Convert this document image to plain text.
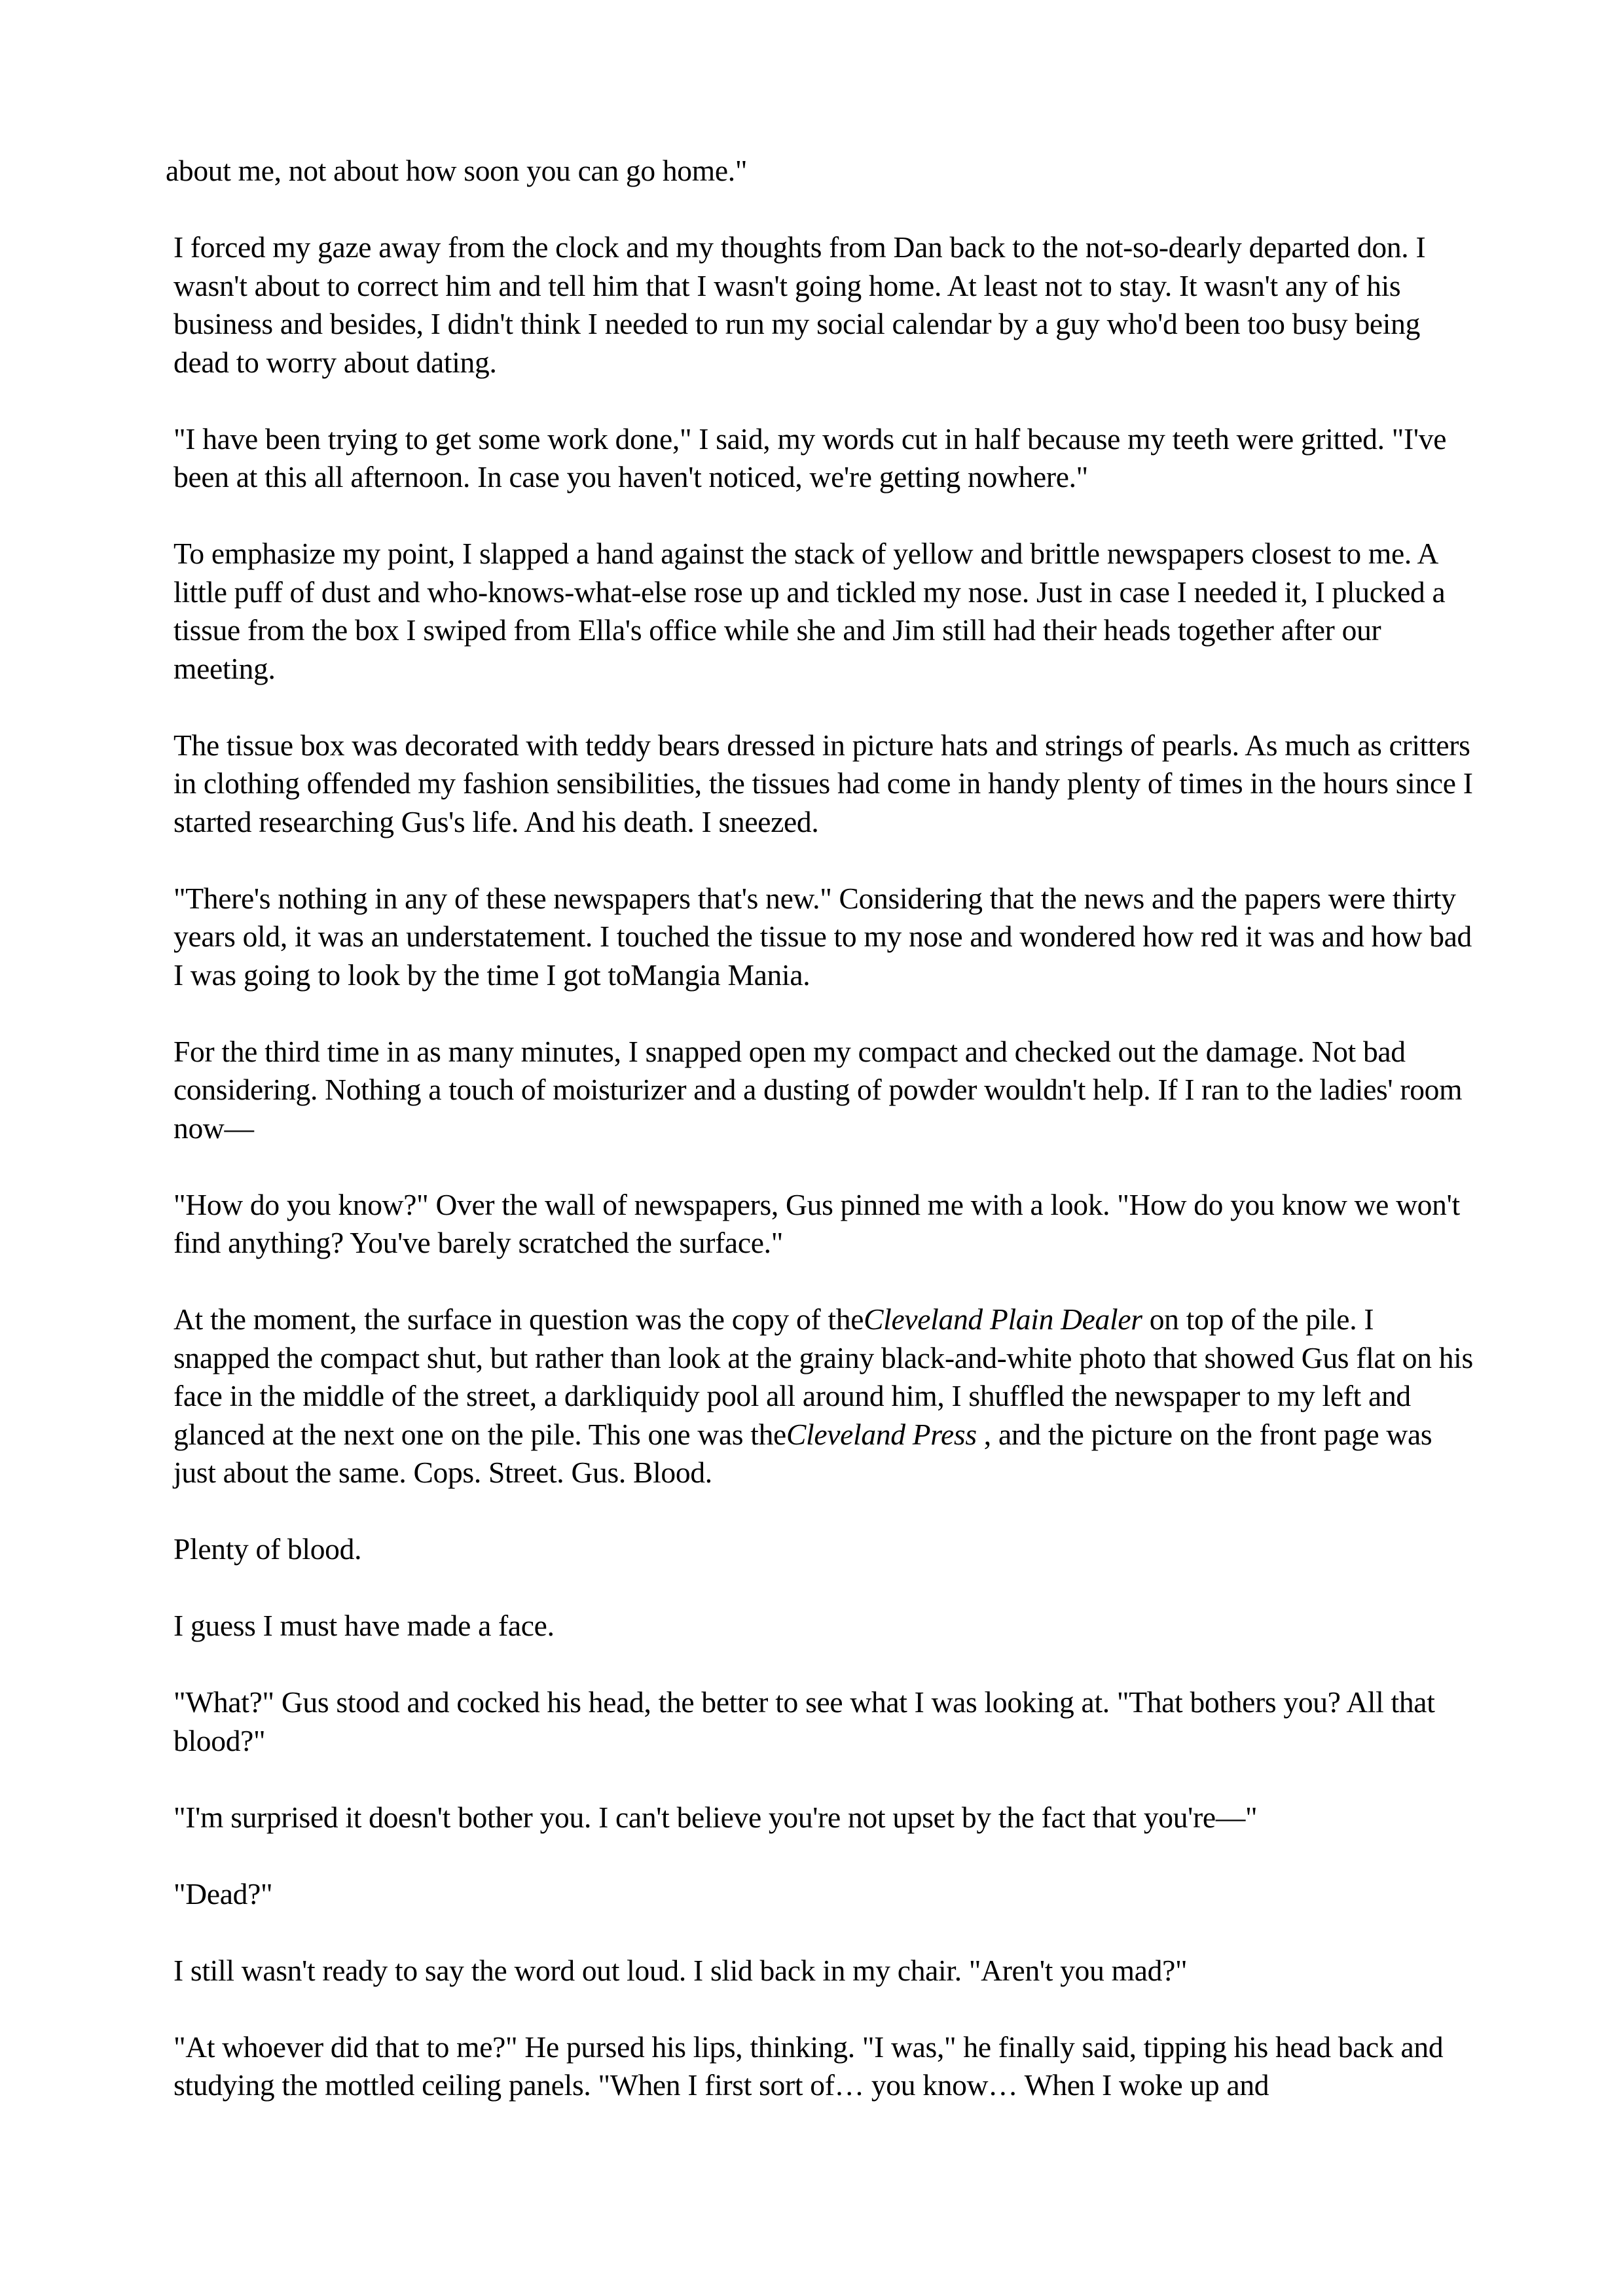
about me, not about how soon you can go home."

I forced my gaze away from the clock and my thoughts from Dan back to the not-so-dearly departed don. I wasn't about to correct him and tell him that I wasn't going home. At least not to stay. It wasn't any of his business and besides, I didn't think I needed to run my social calendar by a guy who'd been too busy being dead to worry about dating.

"I have been trying to get some work done," I said, my words cut in half because my teeth were gritted. "I've been at this all afternoon. In case you haven't noticed, we're getting nowhere."

To emphasize my point, I slapped a hand against the stack of yellow and brittle newspapers closest to me. A little puff of dust and who-knows-what-else rose up and tickled my nose. Just in case I needed it, I plucked a tissue from the box I swiped from Ella's office while she and Jim still had their heads together after our meeting.

The tissue box was decorated with teddy bears dressed in picture hats and strings of pearls. As much as critters in clothing offended my fashion sensibilities, the tissues had come in handy plenty of times in the hours since I started researching Gus's life. And his death. I sneezed.

"There's nothing in any of these newspapers that's new." Considering that the news and the papers were thirty years old, it was an understatement. I touched the tissue to my nose and wondered how red it was and how bad I was going to look by the time I got toMangia Mania.

For the third time in as many minutes, I snapped open my compact and checked out the damage. Not bad considering. Nothing a touch of moisturizer and a dusting of powder wouldn't help. If I ran to the ladies' room now—

"How do you know?" Over the wall of newspapers, Gus pinned me with a look. "How do you know we won't find anything? You've barely scratched the surface."

At the moment, the surface in question was the copy of theCleveland Plain Dealer on top of the pile. I snapped the compact shut, but rather than look at the grainy black-and-white photo that showed Gus flat on his face in the middle of the street, a darkliquidy pool all around him, I shuffled the newspaper to my left and glanced at the next one on the pile. This one was theCleveland Press , and the picture on the front page was just about the same. Cops. Street. Gus. Blood.

Plenty of blood.

I guess I must have made a face.

"What?" Gus stood and cocked his head, the better to see what I was looking at. "That bothers you? All that blood?"

"I'm surprised it doesn't bother you. I can't believe you're not upset by the fact that you're—"

"Dead?"

I still wasn't ready to say the word out loud. I slid back in my chair. "Aren't you mad?"

"At whoever did that to me?" He pursed his lips, thinking. "I was," he finally said, tipping his head back and studying the mottled ceiling panels. "When I first sort of… you know… When I woke up and
